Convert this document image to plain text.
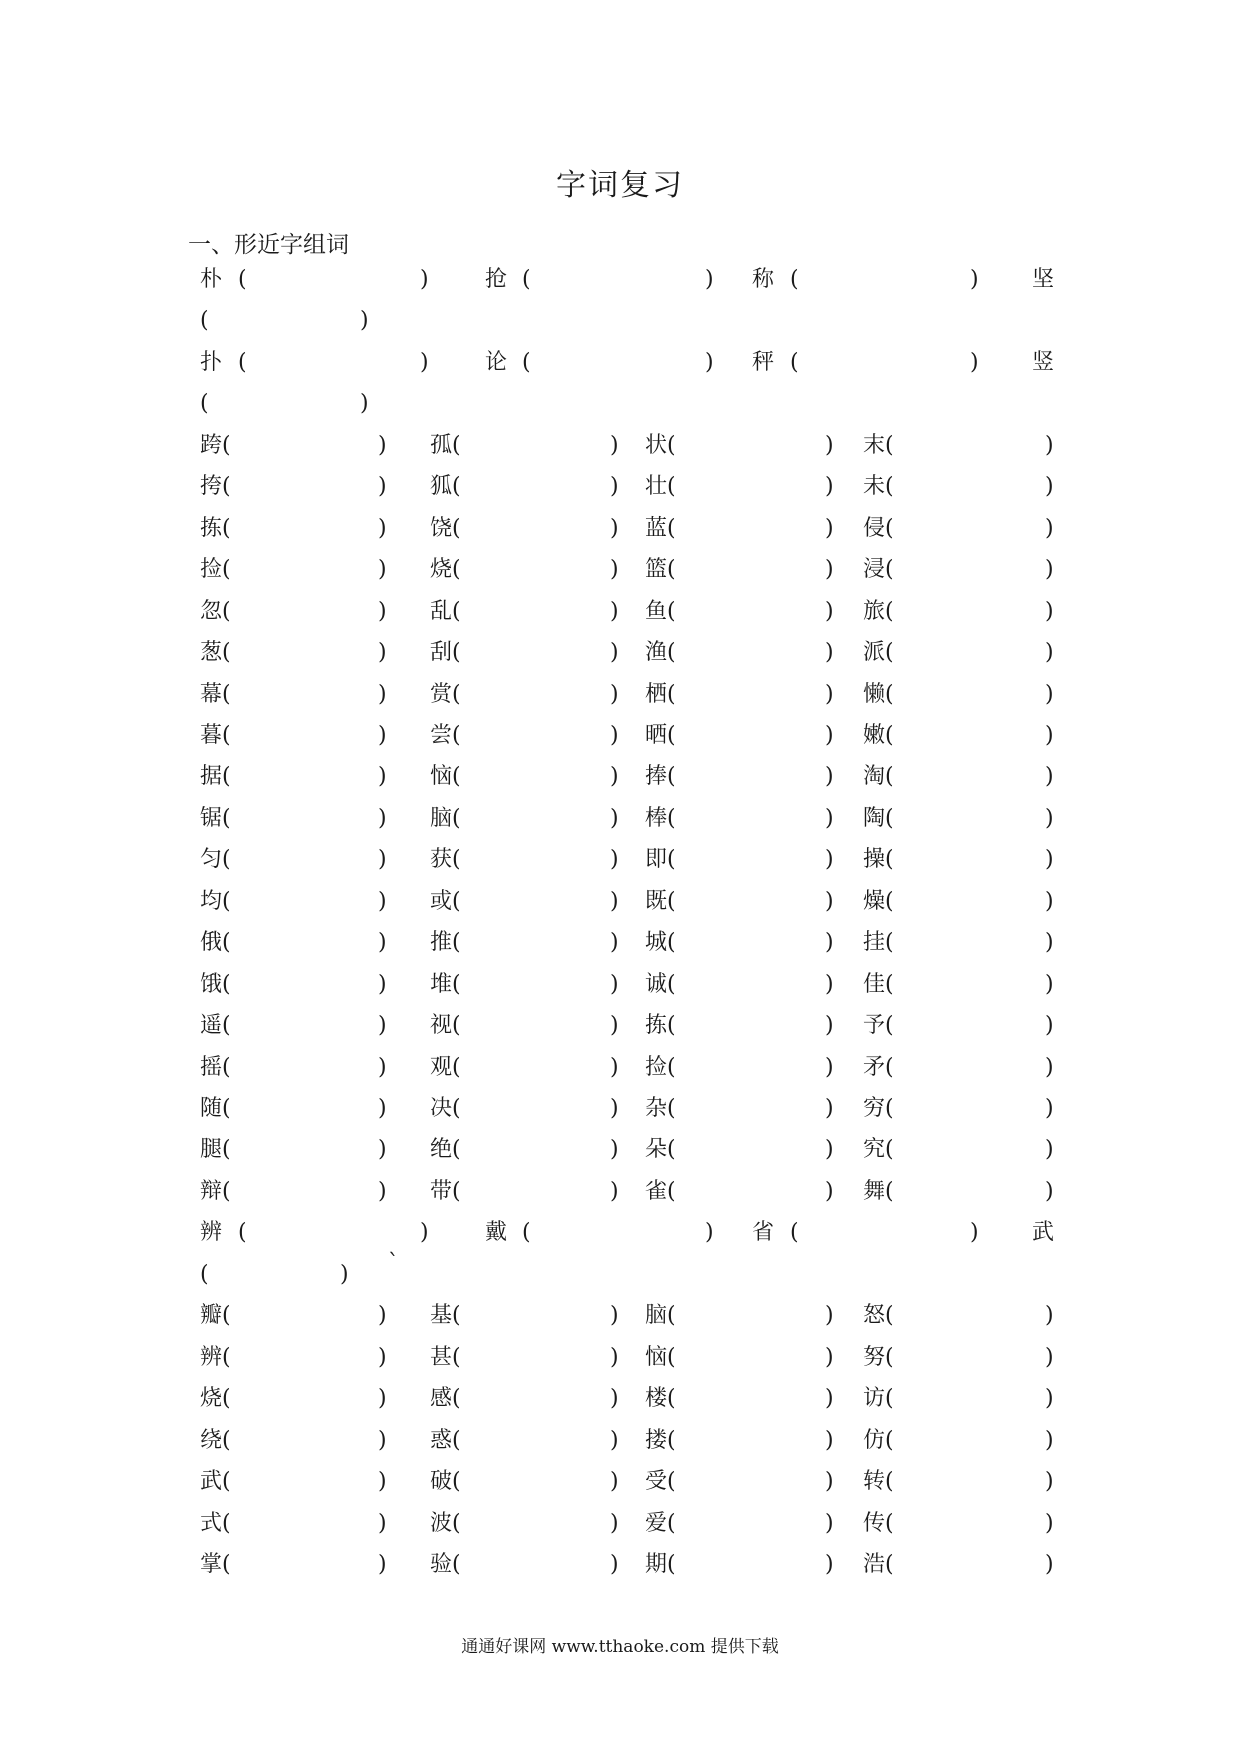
字词复习
一、形近字组词
朴 (	)	抢 (	) 称 (	) 坚
(	)
扑 (	)	论 (	) 秤 (	) 竖
(	)
跨 (	) 孤 (	) 状 (	) 末 (	)
挎 (	) 狐 (	) 壮 (	) 未 (	)
拣 (	) 饶 (	) 蓝 (	) 侵 (	)
捡 (	) 烧 (	) 篮 (	) 浸 (	)
忽 (	) 乱 (	) 鱼 (	) 旅 (	)
葱 (	) 刮 (	) 渔 (	) 派 (	)
幕 (	) 赏 (	) 栖 (	) 懒 (	)
暮 (	) 尝 (	) 晒 (	) 嫩 (	)
据 (	) 恼 (	) 捧 (	) 淘 (	)
锯 (	) 脑 (	) 棒 (	) 陶 (	)
匀 (	) 获 (	) 即 (	) 操 (	)
均 (	) 或 (	) 既 (	) 燥 (	)
俄 (	) 推 (	) 城 (	) 挂 (	)
饿 (	) 堆 (	) 诚 (	) 佳 (	)
遥 (	) 视 (	) 拣 (	) 予 (	)
摇 (	) 观 (	) 捡 (	) 矛 (	)
随 (	) 决 (	) 杂 (	) 穷 (	)
腿 (	) 绝 (	) 朵 (	) 究 (	)
辩 (	) 带 (	) 雀 (	) 舞 (	)
辨 (	)	戴 (	) 省 (	) 武
(	) `
瓣 (	) 基 (	) 脑 (	) 怒 (	)
辨 (	) 甚 (	) 恼 (	) 努 (	)
烧 (	) 感 (	) 楼 (	) 访 (	)
绕 (	) 惑 (	) 搂 (	) 仿 (	)
武 (	) 破 (	) 受 (	) 转 (	)
式 (	) 波 (	) 爱 (	) 传 (	)
掌 (	) 验 (	) 期 (	) 浩 (	)
通通好课网 www.tthaoke.com 提供下载
